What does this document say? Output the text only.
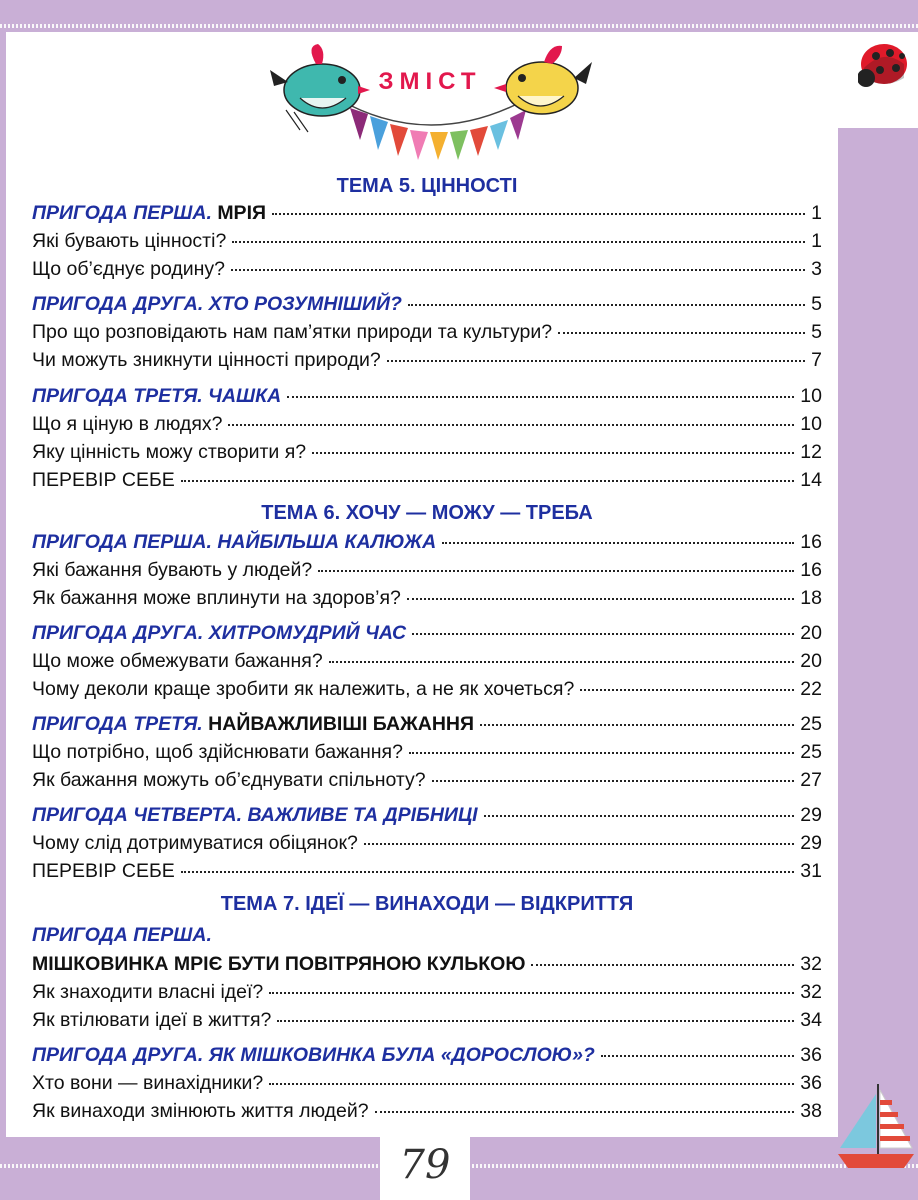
ЗМІСТ
ТЕМА 5. ЦІННОСТІ
ПРИГОДА ПЕРША. МРІЯ	1
Які бувають цінності?	1
Що об’єднує родину?	3
ПРИГОДА ДРУГА. ХТО РОЗУМНІШИЙ?	5
Про що розповідають нам пам’ятки природи та культури?	5
Чи можуть зникнути цінності природи?	7
ПРИГОДА ТРЕТЯ. ЧАШКА	10
Що я ціную в людях?	10
Яку цінність можу створити я?	12
ПЕРЕВІР СЕБЕ	14
ТЕМА 6. ХОЧУ — МОЖУ — ТРЕБА
ПРИГОДА ПЕРША. НАЙБІЛЬША КАЛЮЖА	16
Які бажання бувають у людей?	16
Як бажання може вплинути на здоров’я?	18
ПРИГОДА ДРУГА. ХИТРОМУДРИЙ ЧАС	20
Що може обмежувати бажання?	20
Чому деколи краще зробити як належить, а не як хочеться?	22
ПРИГОДА ТРЕТЯ. НАЙВАЖЛИВІШІ БАЖАННЯ	25
Що потрібно, щоб здійснювати бажання?	25
Як бажання можуть об’єднувати спільноту?	27
ПРИГОДА ЧЕТВЕРТА. ВАЖЛИВЕ ТА ДРІБНИЦІ	29
Чому слід дотримуватися обіцянок?	29
ПЕРЕВІР СЕБЕ	31
ТЕМА 7. ІДЕЇ — ВИНАХОДИ — ВІДКРИТТЯ
ПРИГОДА ПЕРША.
МІШКОВИНКА МРІЄ БУТИ ПОВІТРЯНОЮ КУЛЬКОЮ	32
Як знаходити власні ідеї?	32
Як втілювати ідеї в життя?	34
ПРИГОДА ДРУГА. ЯК МІШКОВИНКА БУЛА «ДОРОСЛОЮ»?	36
Хто вони — винахідники?	36
Як винаходи змінюють життя людей?	38
79
